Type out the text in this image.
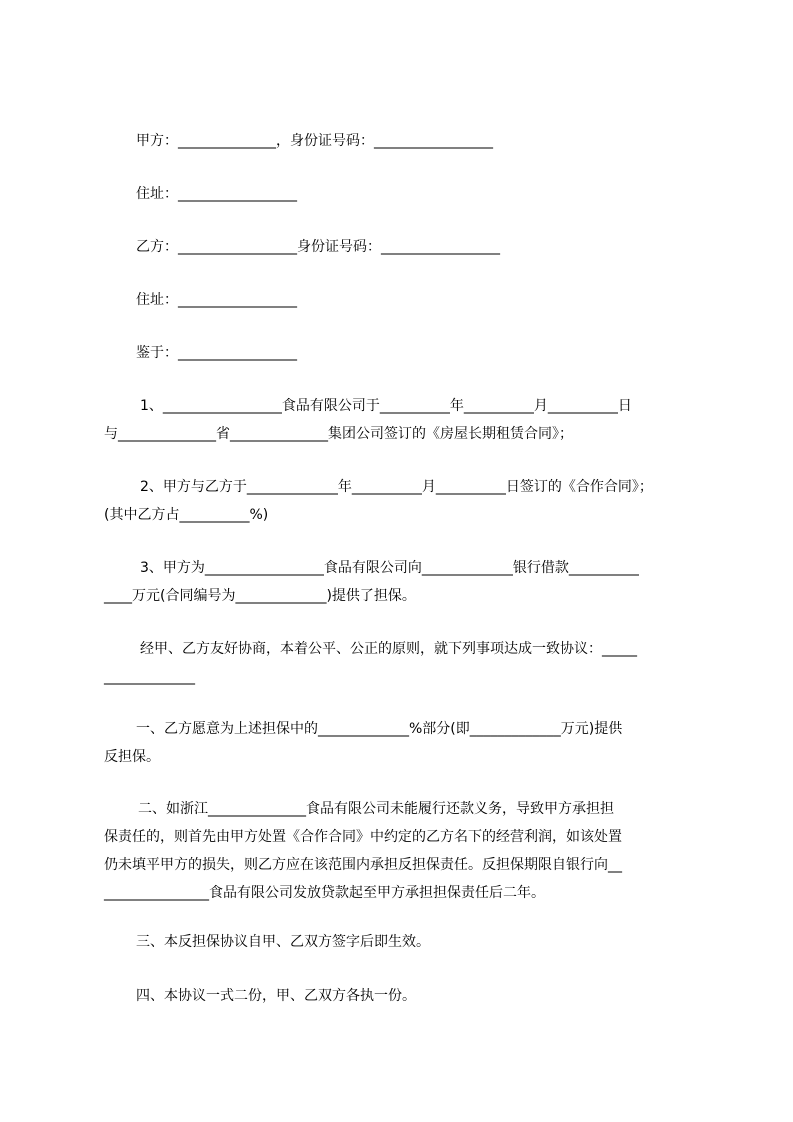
甲方：______________，身份证号码：_________________
住址：_________________
乙方：_________________身份证号码：_________________
住址：_________________
鉴于：_________________
1、_________________食品有限公司于__________年__________月__________日
与______________省______________集团公司签订的《房屋长期租赁合同》；
2、甲方与乙方于_____________年__________月__________日签订的《合作合同》；
(其中乙方占__________%)
3、甲方为_________________食品有限公司向_____________银行借款__________
____万元(合同编号为_____________)提供了担保。
经甲、乙方友好协商，本着公平、公正的原则，就下列事项达成一致协议：_____
_____________
一、乙方愿意为上述担保中的_____________%部分(即_____________万元)提供
反担保。
二、如浙江______________食品有限公司未能履行还款义务，导致甲方承担担
保责任的，则首先由甲方处置《合作合同》中约定的乙方名下的经营利润，如该处置
仍未填平甲方的损失，则乙方应在该范围内承担反担保责任。反担保期限自银行向__
_______________食品有限公司发放贷款起至甲方承担担保责任后二年。
三、本反担保协议自甲、乙双方签字后即生效。
四、本协议一式二份，甲、乙双方各执一份。
